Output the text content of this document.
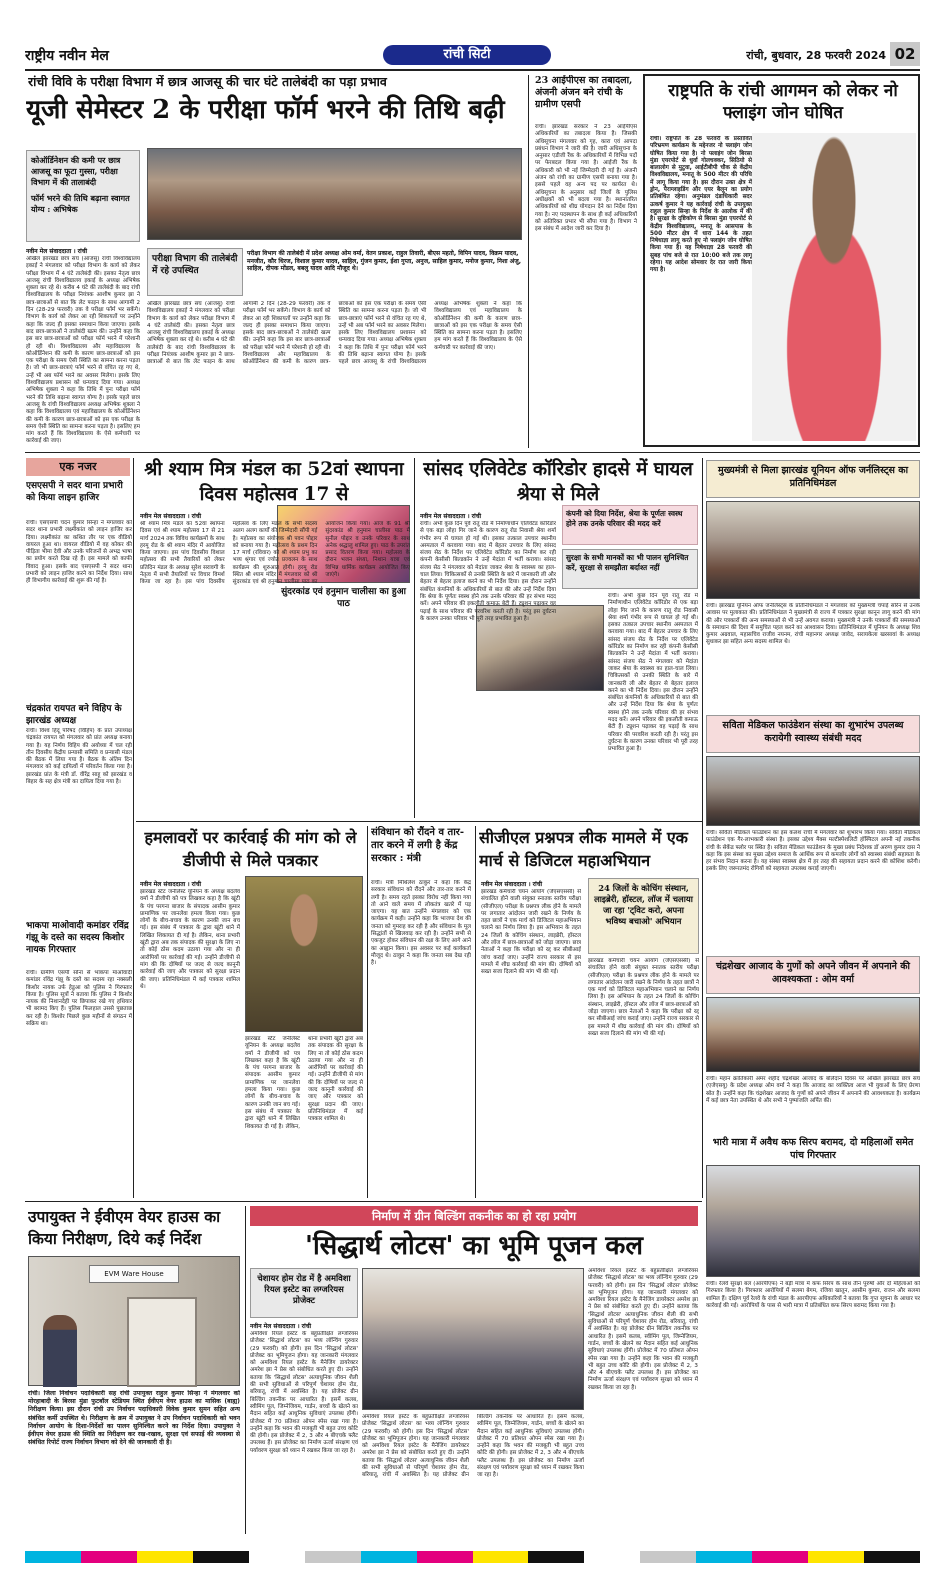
राष्ट्रीय नवीन मेल	रांची सिटी	रांची, बुधवार, 28 फरवरी 2024 02
रांची विवि के परीक्षा विभाग में छात्र आजसू की चार घंटे तालेबंदी का पड़ा प्रभाव
यूजी सेमेस्टर 2 के परीक्षा फॉर्म भरने की तिथि बढ़ी
कोऑर्डिनेशन की कमी पर छात्र आजसू का फूटा गुस्सा, परीक्षा विभाग में की तालाबंदी
फॉर्म भरने की तिथि बढ़ाना स्वागत योग्य : अभिषेक
परीक्षा विभाग की तालेबंदी में रहे उपस्थित
परीक्षा विभाग की तालेबंदी में प्रदेश अध्यक्ष ओम वर्मा, वेतन प्रकाश, राहुल तिवारी, बीएस महतो, विपिन यादव, विक्रम यादव, मनजीत, कौर धिरज, विशाल कुमार यादव, साहिल, गुंजन कुमार, ईशा गुप्ता, अनुज, साहिल कुमार, मनोज कुमार, निशा अंजु, साहिल, दीपक मोंडल, बबलु यादव आदि मौजूद थे।
नवीन मेल संवाददाता । रांची
अखिल झारखंड छात्र संघ (आजसू) रांची विश्वविद्यालय इकाई ने मंगलवार को परीक्षा विभाग के कार्य को लेकर परीक्षा विभाग में 4 घंटे तालेबंदी की। इसका नेतृत्व छात्र आजसू रांची विश्वविद्यालय इकाई के अध्यक्ष अभिषेक शुक्ला कर रहे थे। करीब 4 घंटे की तालेबंदी के बाद रांची विश्वविद्यालय के परीक्षा नियंत्रक आशीष कुमार झा ने छात्र-छात्राओं से बात कि लेट फाइन के साथ आगामी 2 दिन (28-29 फरवरी) तक वे परीक्षा फॉर्म भर सकेंगे। विभाग के कार्य को लेकर आ रही शिकायतों पर उन्होंने कहा कि जल्द ही इसका समाधान किया जाएगा। इसके बाद छात्र-छात्राओं ने तालेबंदी खत्म की। उन्होंने कहा कि इस बार छात्र-छात्राओं को परीक्षा फॉर्म भरने में परेशानी हो रही थी। विश्वविद्यालय और महाविद्यालय के कोऑर्डिनेशन की कमी के कारण छात्र-छात्राओं को इस एक परीक्षा के समय ऐसी स्थिति का सामना करना पड़ता है। जो भी छात्र-छात्राएं फॉर्म भरने से वंचित रह गए थे, उन्हें भी अब फॉर्म भरने का अवसर मिलेगा। इसके लिए विश्वविद्यालय प्रशासन को धन्यवाद दिया गया। अध्यक्ष अभिषेक शुक्ला ने कहा कि तिथि में पुनः परीक्षा फॉर्म भरने की तिथि बढ़ाना स्वागत योग्य है। इसके पहले छात्र आजसू के रांची विश्वविद्यालय अध्यक्ष अभिषेक शुक्ला ने कहा कि विश्वविद्यालय एवं महाविद्यालय के कोऑर्डिनेशन की कमी के कारण छात्र-छात्राओं को इस एक परीक्षा के समय ऐसी स्थिति का सामना करना पड़ता है। इसलिए हम मांग करते हैं कि विश्वविद्यालय के ऐसे कर्मचारी पर कार्रवाई की जाए।
अखिल झारखंड छात्र संघ (आजसू) रांची विश्वविद्यालय इकाई ने मंगलवार को परीक्षा विभाग के कार्य को लेकर परीक्षा विभाग में 4 घंटे तालेबंदी की। इसका नेतृत्व छात्र आजसू रांची विश्वविद्यालय इकाई के अध्यक्ष अभिषेक शुक्ला कर रहे थे। करीब 4 घंटे की तालेबंदी के बाद रांची विश्वविद्यालय के परीक्षा नियंत्रक आशीष कुमार झा ने छात्र-छात्राओं से बात कि लेट फाइन के साथ आगामी 2 दिन (28-29 फरवरी) तक वे परीक्षा फॉर्म भर सकेंगे। विभाग के कार्य को लेकर आ रही शिकायतों पर उन्होंने कहा कि जल्द ही इसका समाधान किया जाएगा। इसके बाद छात्र-छात्राओं ने तालेबंदी खत्म की। उन्होंने कहा कि इस बार छात्र-छात्राओं को परीक्षा फॉर्म भरने में परेशानी हो रही थी। विश्वविद्यालय और महाविद्यालय के कोऑर्डिनेशन की कमी के कारण छात्र-छात्राओं को इस एक परीक्षा के समय ऐसी स्थिति का सामना करना पड़ता है। जो भी छात्र-छात्राएं फॉर्म भरने से वंचित रह गए थे, उन्हें भी अब फॉर्म भरने का अवसर मिलेगा। इसके लिए विश्वविद्यालय प्रशासन को धन्यवाद दिया गया। अध्यक्ष अभिषेक शुक्ला ने कहा कि तिथि में पुनः परीक्षा फॉर्म भरने की तिथि बढ़ाना स्वागत योग्य है। इसके पहले छात्र आजसू के रांची विश्वविद्यालय अध्यक्ष अभिषेक शुक्ला ने कहा कि विश्वविद्यालय एवं महाविद्यालय के कोऑर्डिनेशन की कमी के कारण छात्र-छात्राओं को इस एक परीक्षा के समय ऐसी स्थिति का सामना करना पड़ता है। इसलिए हम मांग करते हैं कि विश्वविद्यालय के ऐसे कर्मचारी पर कार्रवाई की जाए।
23 आईपीएस का तबादला, अंजनी अंजन बने रांची के ग्रामीण एसपी
रांची। झारखंड सरकार ने 23 आईपीएस अधिकारियों का तबादला किया है। जिसकी अधिसूचना मंगलवार को गृह, कारा एवं आपदा प्रबंधन विभाग ने जारी की है। जारी अधिसूचना के अनुसार एडीजी रैंक के अधिकारियों में विभिन्न पदों पर फेरबदल किया गया है। आईजी रैंक के अधिकारी को भी नई जिम्मेदारी दी गई है। अंजनी अंजन को रांची का ग्रामीण एसपी बनाया गया है। इससे पहले वह अन्य पद पर कार्यरत थे। अधिसूचना के अनुसार कई जिलों के पुलिस अधीक्षकों को भी बदला गया है। स्थानांतरित अधिकारियों को शीघ्र योगदान देने का निर्देश दिया गया है। नए पदस्थापन के साथ ही कई अधिकारियों को अतिरिक्त प्रभार भी सौंपा गया है। विभाग ने इस संबंध में आदेश जारी कर दिया है।
राष्ट्रपति के रांची आगमन को लेकर नो फ्लाइंग जोन घोषित
रांची। राष्ट्रपति के 28 फरवरी के प्रस्तावित परिभ्रमण कार्यक्रम के मद्देनजर नो फ्लाइंग जोन घोषित किया गया है। नो फ्लाइंग जोन बिरसा मुंडा एयरपोर्ट से धुर्वा गोलचक्कर, सिठियो से बालालोग से मुटुवा, आईटीबीपी चौक से केंद्रीय विश्वविद्यालय, मनातू के 500 मीटर की परिधि में लागू किया गया है। इस दौरान उक्त क्षेत्र में ड्रोन, पैराग्लाइडिंग और एयर बैलून का प्रयोग प्रतिबंधित रहेगा। अनुमंडल दंडाधिकारी सदर उत्कर्ष कुमार ने यह कार्रवाई रांची के उपायुक्त राहुल कुमार सिन्हा के निर्देश के आलोक में की है। सुरक्षा के दृष्टिकोण से बिरसा मुंडा एयरपोर्ट से केंद्रीय विश्वविद्यालय, मनातू के आसपास के 500 मीटर क्षेत्र में धारा 144 के तहत निषेधाज्ञा लागू करते हुए नो फ्लाइंग जोन घोषित किया गया है। यह निषेधाज्ञा 28 फरवरी की सुबह पांच बजे से रात 10:00 बजे तक लागू रहेगा। यह आदेश सोमवार देर रात जारी किया गया है।
एक नजर
एसएसपी ने सदर थाना प्रभारी को किया लाइन हाजिर
रांची। एसएसपी चंदन कुमार सिन्हा ने मंगलवार को सदर थाना प्रभारी लक्ष्मीकांत को लाइन हाजिर कर दिया। लक्ष्मीकांत का कथित तौर पर एक वीडियो वायरल हुआ था। वायरल वीडियो में वह कोकर की पीड़िता भीमा देवी और उनके परिजनों से अभद्र भाषा का प्रयोग करते दिख रहे हैं। इस मामले को काफी विवाद हुआ। इसके बाद एसएसपी ने सदर थाना प्रभारी को लाइन हाजिर करने का निर्देश दिया। साथ ही विभागीय कार्रवाई की शुरू की गई है।
चंद्रकांत रायपत बने विहिप के झारखंड अध्यक्ष
रांची। विश्व हिंदू परिषद (विहिप) के प्रांत उपाध्यक्ष चंद्रकांत रायपत को मंगलवार को प्रांत अध्यक्ष बनाया गया है। यह निर्णय विहिप की अयोध्या में चल रही तीन दिवसीय केंद्रीय प्रन्यासी समिति व प्रन्यासी मंडल की बैठक में लिया गया है। बैठक के अंतिम दिन मंगलवार को कई दायित्वों में परिवर्तन किया गया है। झारखंड प्रांत के मंत्री डॉ. वीरेंद्र साहू को झारखंड व बिहार के सह क्षेत्र मंत्री का दायित्व दिया गया है।
भाकपा माओवादी कमांडर रविंद्र गंझू के दस्ते का सदस्य किशोर नायक गिरफ्तार
रांची। ग्रामीण एसपी सोना से भाकपा माओवादी कमांडर रविंद्र गंझू के दस्ते का सदस्य रहा नक्सली किशोर नायक उर्फ हेडुआ को पुलिस ने गिरफ्तार किया है। पुलिस सूत्रों ने बताया कि पुलिस ने किशोर नायक की निशानदेही पर छिपाकर रखे गए हथियार भी बरामद किए हैं। पुलिस फिलहाल उससे पूछताछ कर रही है। किशोर पिछले कुछ महीनों से संगठन में सक्रिय था।
श्री श्याम मित्र मंडल का 52वां स्थापना दिवस महोत्सव 17 से
नवीन मेल संवाददाता । रांची
सुंदरकांड एवं हनुमान चालीसा का हुआ पाठ
श्री श्याम मित्र मंडल का 52वां स्थापना दिवस एवं श्री श्याम महोत्सव 17 से 21 मार्च 2024 तक विविध कार्यक्रमों के साथ हरमू रोड के श्री श्याम मंदिर में आयोजित किया जाएगा। इस पांच दिवसीय विशाल महोत्सव की सभी तैयारियों को लेकर प्रतिदिन मंडल के अध्यक्ष सुरेश सरावगी के नेतृत्व में सभी तैयारियों पर विचार विमर्श किया जा रहा है। इस पांच दिवसीय महोत्सव के लिए मंडल के सभी सदस्य अलग अलग कार्यों की जिम्मेदारी सौंपी गई है। महोत्सव का संयोजक श्री पवन पोद्दार को बनाया गया है। महोत्सव के प्रथम दिन 17 मार्च (रविवार) को श्री श्याम प्रभु का भव्य श्रृंगार एवं ज्योत प्रज्वलन के साथ कार्यक्रम की शुरुआत होगी। हरमू रोड स्थित श्री श्याम मंदिर में मंगलवार को श्री सुंदरकांड एवं श्री हनुमान चालीसा पाठ का आयोजन किया गया। आज के 91 श्री सुंदरकांड श्री हनुमान चालीसा पाठ में सुनील पोद्दार व उनके परिवार के साथ अनेक श्रद्धालु शामिल हुए। पाठ के उपरांत प्रसाद वितरण किया गया। महोत्सव के दौरान भजन संध्या, निशान यात्रा एवं विभिन्न धार्मिक कार्यक्रम आयोजित किए जाएंगे।
सांसद एलिवेटेड कॉरिडोर हादसे में घायल श्रेया से मिले
नवीन मेल संवाददाता । रांची	कंपनी को दिया निर्देश, श्रेया के पूर्णतः स्वस्थ होने तक उनके परिवार की मदद करें
सुरक्षा के सभी मानकों का भी पालन सुनिश्चित करें, सुरक्षा से समझौता बर्दाश्त नहीं
रांची। अभी कुछ दिन पूर्व रातू रोड में निर्माणाधीन एलिवेटेड कॉरिडोर से एक बड़ा लोहा गिर जाने के कारण रातू रोड निवासी श्रेया शर्मा गंभीर रूप से घायल हो गई थी। इसका तत्काल उपचार स्थानीय अस्पताल में करवाया गया। बाद में बेहतर उपचार के लिए सांसद संजय सेठ के निर्देश पर एलिवेटेड कॉरिडोर का निर्माण कर रही कंपनी केसीसी बिल्डकॉन ने उन्हें मेदांता में भर्ती कराया। सांसद संजय सेठ ने मंगलवार को मेदांता जाकर श्रेया के स्वास्थ्य का हाल-चाल लिया। चिकित्सकों से उनकी स्थिति के बारे में जानकारी ली और बेहतर से बेहतर इलाज करने का भी निर्देश दिया। इस दौरान उन्होंने संबंधित कंपनियों के अधिकारियों से बात की और उन्हें निर्देश दिया कि श्रेया के पूर्णतः स्वस्थ होने तक उनके परिवार की हर संभव मदद करें। अपने परिवार की इकलौती कमाऊ बेटी हैं। ट्यूशन पढ़ाकर वह पढ़ाई के साथ परिवार की परवरिश करती रही है। परंतु इस दुर्घटना के कारण उनका परिवार भी पूरी तरह प्रभावित हुआ है।
रांची। अभी कुछ दिन पूर्व रातू रोड में निर्माणाधीन एलिवेटेड कॉरिडोर से एक बड़ा लोहा गिर जाने के कारण रातू रोड निवासी श्रेया शर्मा गंभीर रूप से घायल हो गई थी। इसका तत्काल उपचार स्थानीय अस्पताल में करवाया गया। बाद में बेहतर उपचार के लिए सांसद संजय सेठ के निर्देश पर एलिवेटेड कॉरिडोर का निर्माण कर रही कंपनी केसीसी बिल्डकॉन ने उन्हें मेदांता में भर्ती कराया। सांसद संजय सेठ ने मंगलवार को मेदांता जाकर श्रेया के स्वास्थ्य का हाल-चाल लिया। चिकित्सकों से उनकी स्थिति के बारे में जानकारी ली और बेहतर से बेहतर इलाज करने का भी निर्देश दिया। इस दौरान उन्होंने संबंधित कंपनियों के अधिकारियों से बात की और उन्हें निर्देश दिया कि श्रेया के पूर्णतः स्वस्थ होने तक उनके परिवार की हर संभव मदद करें। अपने परिवार की इकलौती कमाऊ बेटी हैं। ट्यूशन पढ़ाकर वह पढ़ाई के साथ परिवार की परवरिश करती रही है। परंतु इस दुर्घटना के कारण उनका परिवार भी पूरी तरह प्रभावित हुआ है।
मुख्यमंत्री से मिला झारखंड यूनियन ऑफ जर्नलिस्ट्स का प्रतिनिधिमंडल
रांची। झारखंड यूनियन ऑफ जर्नलिस्ट्स के प्रतिनिधिमंडल ने मंगलवार को मुख्यमंत्री चंपाई सोरेन से उनके आवास पर मुलाकात की। प्रतिनिधिमंडल ने मुख्यमंत्री से राज्य में पत्रकार सुरक्षा कानून लागू करने की मांग की और पत्रकारों की अन्य समस्याओं से भी उन्हें अवगत कराया। मुख्यमंत्री ने उनके पत्रकारों की समस्याओं के समाधान की दिशा में समुचित पहल करने का आश्वासन दिया। प्रतिनिधिमंडल में यूनियन के अध्यक्ष शिव कुमार अग्रवाल, महासचिव राजीव नयनम, रांची महानगर अध्यक्ष जावेद, सरायकेला खरसावां के अध्यक्ष सुधाकर झा सहित अन्य सदस्य शामिल थे।
सविता मेडिकल फाउंडेशन संस्था का शुभारंभ उपलब्ध करायेगी स्वास्थ्य संबंधी मदद
रांची। सविता मेडिकल फाउंडेशन का इस कलश रांची में मंगलवार को शुभारंभ किया गया। सविता मेडिकल फाउंडेशन एक गैर-लाभकारी संस्था है। इसका उद्देश्य मैक्स मल्टीस्पेशलिटी हॉस्पिटल अपनी नई तकनीक रांची के सेकेंड फ्लोर पर स्थित है। सविता मेडिकल फाउंडेशन के मुख्य प्रबंध निदेशक डॉ अरुण कुमार दास ने कहा कि इस संस्था का मुख्य उद्देश्य समाज के आर्थिक रूप से कमजोर लोगों को स्वास्थ्य संबंधी सहायता के हर संभव निदान करना है। यह संस्था स्वास्थ्य क्षेत्र में हर तरह की सहायता प्रदान करने की कोशिश करेगी। इसके लिए जरूरतमंद रोगियों को सहायता उपलब्ध कराई जाएगी।
चंद्रशेखर आजाद के गुणों को अपने जीवन में अपनाने की आवश्यकता : ओम वर्मा
रांची। महान क्रांतिकारी अमर शहीद चंद्रशेखर आजाद के बलिदान दिवस पर अखिल झारखंड छात्र संघ (एजेएसयू) के प्रदेश अध्यक्ष ओम वर्मा ने कहा कि आजाद का व्यक्तित्व आज भी युवाओं के लिए प्रेरणा स्रोत है। उन्होंने कहा कि चंद्रशेखर आजाद के गुणों को अपने जीवन में अपनाने की आवश्यकता है। कार्यक्रम में कई छात्र नेता उपस्थित थे और सभी ने पुष्पांजलि अर्पित की।
भारी मात्रा में अवैध कफ सिरप बरामद, दो महिलाओं समेत पांच गिरफ्तार
रांची। रेलवे सुरक्षा बल (आरपीएफ) ने बड़ी मात्रा में कफ सिरप के साथ तीन पुरुषों और दो महिलाओं को गिरफ्तार किया है। गिरफ्तार आरोपियों में सलमा बेगम, रजिया खातून, आसीम कुमार, राजन और सलमा शामिल हैं। दक्षिण पूर्व रेलवे के रांची मंडल के आरपीएफ अधिकारियों ने बताया कि गुप्त सूचना के आधार पर कार्रवाई की गई। आरोपियों के पास से भारी मात्रा में प्रतिबंधित कफ सिरप बरामद किया गया है।
हमलावरों पर कार्रवाई की मांग को ले डीजीपी से मिले पत्रकार
नवीन मेल संवाददाता । रांची
झारखंड स्टेट जर्नलिस्ट यूनियन के अध्यक्ष बदलेव वर्मा ने डीजीपी को पत्र लिखकर कहा है कि खूंटी के पंच परगना बाजार के संपादक आसीम कुमार प्रामाणिक पर जानलेवा हमला किया गया। कुछ लोगों के बीच-बचाव के कारण उनकी जान बच गई। इस संबंध में पत्रकार के द्वारा खूंटी थाने में लिखित शिकायत दी गई है। लेकिन, थाना प्रभारी खूंटी द्वारा अब तक संपादक की सुरक्षा के लिए ना तो कोई ठोस कदम उठाया गया और ना ही आरोपियों पर कार्रवाई की गई। उन्होंने डीजीपी से मांग की कि दोषियों पर जल्द से जल्द कानूनी कार्रवाई की जाए और पत्रकार को सुरक्षा प्रदान की जाए। प्रतिनिधिमंडल में कई पत्रकार शामिल थे।
झारखंड स्टेट जर्नलिस्ट यूनियन के अध्यक्ष बदलेव वर्मा ने डीजीपी को पत्र लिखकर कहा है कि खूंटी के पंच परगना बाजार के संपादक आसीम कुमार प्रामाणिक पर जानलेवा हमला किया गया। कुछ लोगों के बीच-बचाव के कारण उनकी जान बच गई। इस संबंध में पत्रकार के द्वारा खूंटी थाने में लिखित शिकायत दी गई है। लेकिन, थाना प्रभारी खूंटी द्वारा अब तक संपादक की सुरक्षा के लिए ना तो कोई ठोस कदम उठाया गया और ना ही आरोपियों पर कार्रवाई की गई। उन्होंने डीजीपी से मांग की कि दोषियों पर जल्द से जल्द कानूनी कार्रवाई की जाए और पत्रकार को सुरक्षा प्रदान की जाए। प्रतिनिधिमंडल में कई पत्रकार शामिल थे।
संविधान को रौंदने व तार-तार करने में लगी है केंद्र सरकार : मंत्री
रांची। मंत्री मिथिलेश ठाकुर ने कहा कि केंद्र सरकार संविधान को रौंदने और तार-तार करने में लगी है। समय रहते इसका विरोध नहीं किया गया तो आने वाले समय में लोकतंत्र खतरे में पड़ जाएगा। यह बात उन्होंने मंगलवार को एक कार्यक्रम में कही। उन्होंने कहा कि भाजपा देश की जनता को गुमराह कर रही है और संविधान के मूल सिद्धांतों से खिलवाड़ कर रही है। उन्होंने सभी से एकजुट होकर संविधान की रक्षा के लिए आगे आने का आह्वान किया। इस अवसर पर कई कार्यकर्ता मौजूद थे। ठाकुर ने कहा कि जनता सब देख रही है।
सीजीएल प्रश्नपत्र लीक मामले में एक मार्च से डिजिटल महाअभियान
नवीन मेल संवाददाता । रांची	24 जिलों के कोचिंग संस्थान, लाइब्रेरी, हॉस्टल, लॉज में चलाया जा रहा 'ट्विट करो, अपना भविष्य बचाओ' अभियान
झारखंड कर्मचारी चयन आयोग (जेएसएससी) से संचालित होने वाली संयुक्त स्नातक स्तरीय परीक्षा (सीजीएल) परीक्षा के प्रश्नपत्र लीक होने के मामले पर लगातार आंदोलन जारी रखने के निर्णय के तहत छात्रों ने एक मार्च को डिजिटल महाअभियान चलाने का निर्णय लिया है। इस अभियान के तहत 24 जिलों के कोचिंग संस्थान, लाइब्रेरी, हॉस्टल और लॉज में छात्र-छात्राओं को जोड़ा जाएगा। छात्र नेताओं ने कहा कि परीक्षा को रद्द कर सीबीआई जांच कराई जाए। उन्होंने राज्य सरकार से इस मामले में शीघ्र कार्रवाई की मांग की। दोषियों को सख्त सजा दिलाने की मांग भी की गई।
झारखंड कर्मचारी चयन आयोग (जेएसएससी) से संचालित होने वाली संयुक्त स्नातक स्तरीय परीक्षा (सीजीएल) परीक्षा के प्रश्नपत्र लीक होने के मामले पर लगातार आंदोलन जारी रखने के निर्णय के तहत छात्रों ने एक मार्च को डिजिटल महाअभियान चलाने का निर्णय लिया है। इस अभियान के तहत 24 जिलों के कोचिंग संस्थान, लाइब्रेरी, हॉस्टल और लॉज में छात्र-छात्राओं को जोड़ा जाएगा। छात्र नेताओं ने कहा कि परीक्षा को रद्द कर सीबीआई जांच कराई जाए। उन्होंने राज्य सरकार से इस मामले में शीघ्र कार्रवाई की मांग की। दोषियों को सख्त सजा दिलाने की मांग भी की गई।
उपायुक्त ने ईवीएम वेयर हाउस का किया निरीक्षण, दिये कई निर्देश
EVM Ware House
रांची। जिला निर्वाचन पदाधिकारी सह रांची उपायुक्त राहुल कुमार सिन्हा ने मंगलवार को मोरहाबादी के बिरसा मुंडा फुटबॉल स्टेडियम स्थित ईवीएम वेयर हाउस का मासिक (बाह्य) निरीक्षण किया। इस दौरान रांची उप निर्वाचन पदाधिकारी विवेक कुमार सुमन सहित अन्य संबंधित कर्मी उपस्थित थे। निरीक्षण के क्रम में उपायुक्त ने उप निर्वाचन पदाधिकारी को भवन निर्वाचन आयोग के दिशा-निर्देशों का पालन सुनिश्चित करने का निर्देश दिया। उपायुक्त ने ईवीएम वेयर हाउस की स्थिति का निरीक्षण कर रख-रखाव, सुरक्षा एवं सफाई की व्यवस्था से संबंधित रिपोर्ट राज्य निर्वाचन विभाग को देने की जानकारी दी है।
निर्माण में ग्रीन बिल्डिंग तकनीक का हो रहा प्रयोग
'सिद्धार्थ लोटस' का भूमि पूजन कल
चेशायर होम रोड में है अमविशा रियल इस्टेट का लग्जरियस प्रोजेक्ट
नवीन मेल संवाददाता । रांची
अमविशा रियल इस्टेट के बहुप्रतीक्षित लग्जरियस प्रोजेक्ट 'सिद्धार्थ लोटस' का भव्य लॉन्चिंग गुरुवार (29 फरवरी) को होगी। इस दिन 'सिद्धार्थ लोटस' प्रोजेक्ट का भूमिपूजन होगा। यह जानकारी मंगलवार को अमविशा रियल इस्टेट के मैनेजिंग डायरेक्टर अमरेश झा ने प्रेस को संबोधित करते हुए दी। उन्होंने बताया कि 'सिद्धार्थ लोटस' अत्याधुनिक जीवन शैली की सभी सुविधाओं से परिपूर्ण चेशायर होम रोड, बरियातू, रांची में अवस्थित है। यह प्रोजेक्ट ग्रीन बिल्डिंग तकनीक पर आधारित है। इसमें कलब, स्वीमिंग पूल, जिम्नेजियम, गार्डन, बच्चों के खेलने का मैदान सहित कई आधुनिक सुविधाएं उपलब्ध होंगी। प्रोजेक्ट में 70 प्रतिशत ओपन स्पेस रखा गया है। उन्होंने कहा कि भवन की मजबूती भी बहुत उच्च कोटि की होगी। इस प्रोजेक्ट में 2, 3 और 4 बीएचके फ्लैट उपलब्ध हैं। इस प्रोजेक्ट का निर्माण ऊर्जा संरक्षण एवं पर्यावरण सुरक्षा को ध्यान में रखकर किया जा रहा है।
अमविशा रियल इस्टेट के बहुप्रतीक्षित लग्जरियस प्रोजेक्ट 'सिद्धार्थ लोटस' का भव्य लॉन्चिंग गुरुवार (29 फरवरी) को होगी। इस दिन 'सिद्धार्थ लोटस' प्रोजेक्ट का भूमिपूजन होगा। यह जानकारी मंगलवार को अमविशा रियल इस्टेट के मैनेजिंग डायरेक्टर अमरेश झा ने प्रेस को संबोधित करते हुए दी। उन्होंने बताया कि 'सिद्धार्थ लोटस' अत्याधुनिक जीवन शैली की सभी सुविधाओं से परिपूर्ण चेशायर होम रोड, बरियातू, रांची में अवस्थित है। यह प्रोजेक्ट ग्रीन बिल्डिंग तकनीक पर आधारित है। इसमें कलब, स्वीमिंग पूल, जिम्नेजियम, गार्डन, बच्चों के खेलने का मैदान सहित कई आधुनिक सुविधाएं उपलब्ध होंगी। प्रोजेक्ट में 70 प्रतिशत ओपन स्पेस रखा गया है। उन्होंने कहा कि भवन की मजबूती भी बहुत उच्च कोटि की होगी। इस प्रोजेक्ट में 2, 3 और 4 बीएचके फ्लैट उपलब्ध हैं। इस प्रोजेक्ट का निर्माण ऊर्जा संरक्षण एवं पर्यावरण सुरक्षा को ध्यान में रखकर किया जा रहा है।
अमविशा रियल इस्टेट के बहुप्रतीक्षित लग्जरियस प्रोजेक्ट 'सिद्धार्थ लोटस' का भव्य लॉन्चिंग गुरुवार (29 फरवरी) को होगी। इस दिन 'सिद्धार्थ लोटस' प्रोजेक्ट का भूमिपूजन होगा। यह जानकारी मंगलवार को अमविशा रियल इस्टेट के मैनेजिंग डायरेक्टर अमरेश झा ने प्रेस को संबोधित करते हुए दी। उन्होंने बताया कि 'सिद्धार्थ लोटस' अत्याधुनिक जीवन शैली की सभी सुविधाओं से परिपूर्ण चेशायर होम रोड, बरियातू, रांची में अवस्थित है। यह प्रोजेक्ट ग्रीन बिल्डिंग तकनीक पर आधारित है। इसमें कलब, स्वीमिंग पूल, जिम्नेजियम, गार्डन, बच्चों के खेलने का मैदान सहित कई आधुनिक सुविधाएं उपलब्ध होंगी। प्रोजेक्ट में 70 प्रतिशत ओपन स्पेस रखा गया है। उन्होंने कहा कि भवन की मजबूती भी बहुत उच्च कोटि की होगी। इस प्रोजेक्ट में 2, 3 और 4 बीएचके फ्लैट उपलब्ध हैं। इस प्रोजेक्ट का निर्माण ऊर्जा संरक्षण एवं पर्यावरण सुरक्षा को ध्यान में रखकर किया जा रहा है।
